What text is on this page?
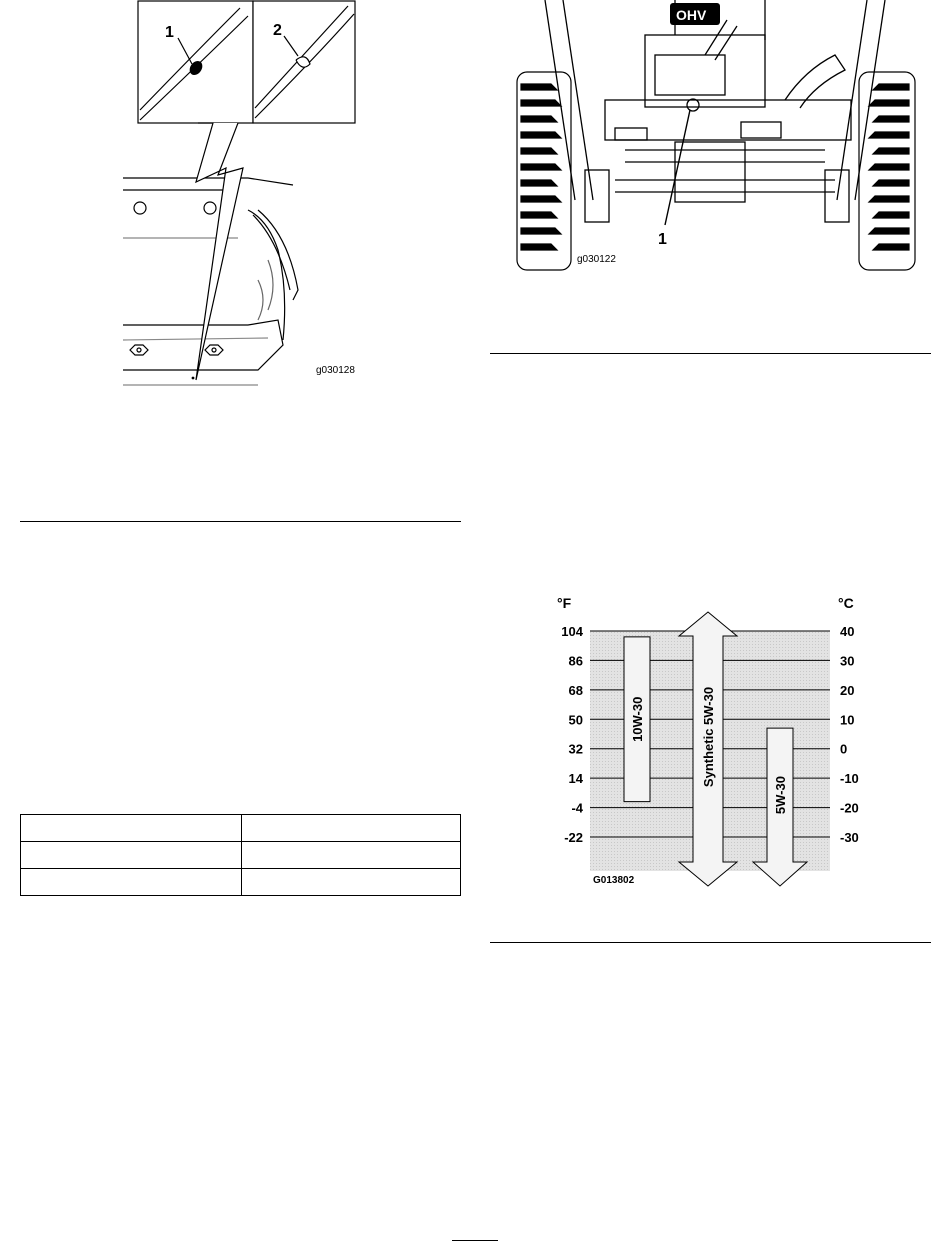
1	2
g030128
OHV
1
g030122

104
86
68
50
32
14
-4
-22
40
30
20
10
0
-10
-20
-30
10W-30	Synthetic 5W-30
5W-30
°F	°C
G013802
